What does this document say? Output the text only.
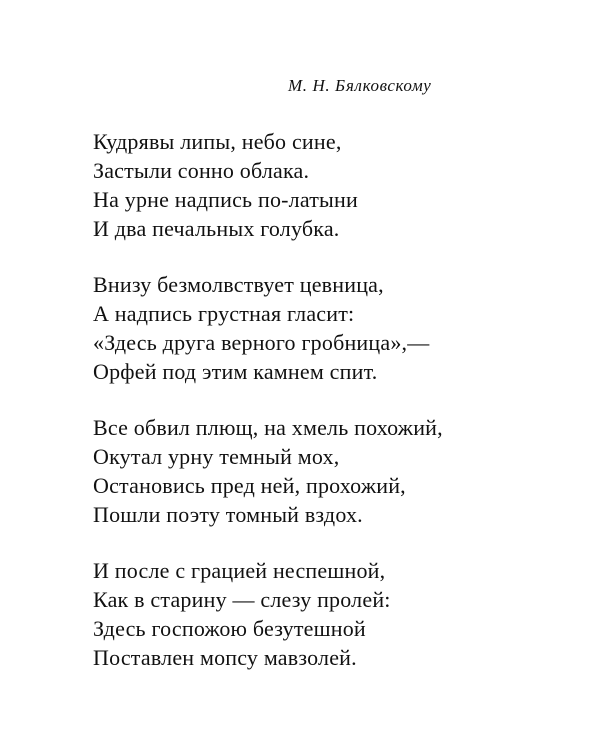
М. Н. Бялковскому
Кудрявы липы, небо сине,
Застыли сонно облака.
На урне надпись по-латыни
И два печальных голубка.
Внизу безмолвствует цевница,
А надпись грустная гласит:
«Здесь друга верного гробница»,—
Орфей под этим камнем спит.
Все обвил плющ, на хмель похожий,
Окутал урну темный мох,
Остановись пред ней, прохожий,
Пошли поэту томный вздох.
И после с грацией неспешной,
Как в старину — слезу пролей:
Здесь госпожою безутешной
Поставлен мопсу мавзолей.
